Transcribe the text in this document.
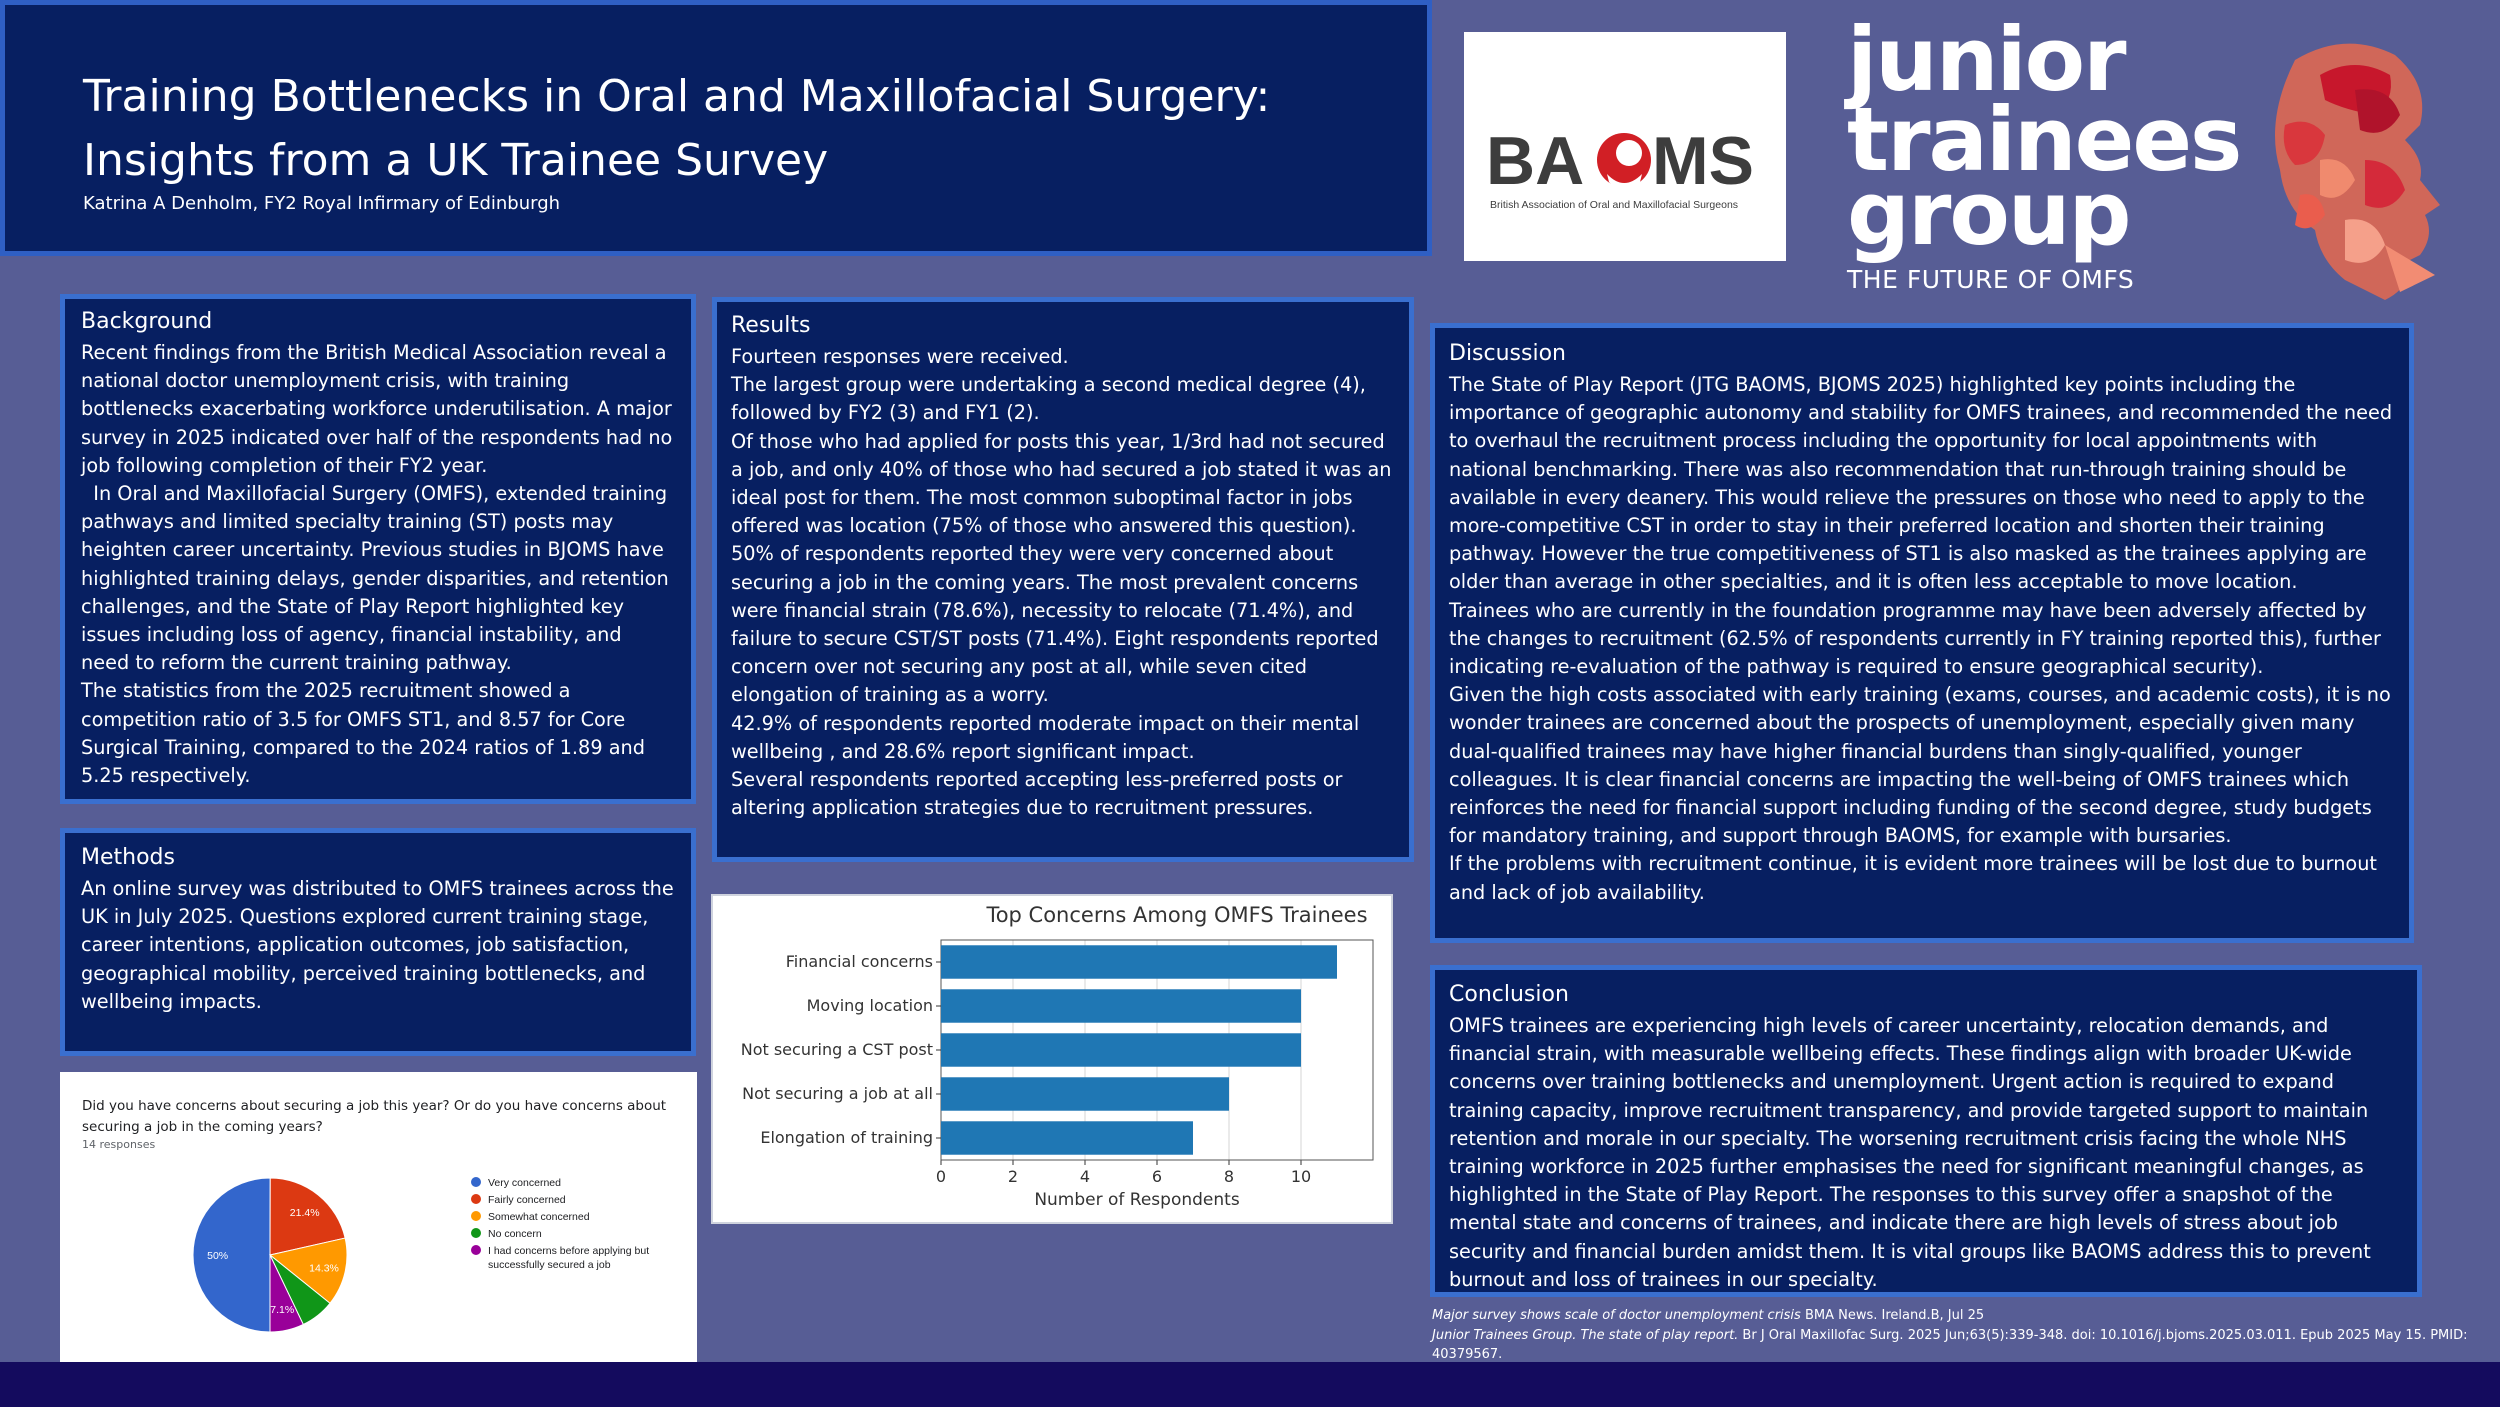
Training Bottlenecks in Oral and Maxillofacial Surgery:
Insights from a UK Trainee Survey
Katrina A Denholm, FY2 Royal Infirmary of Edinburgh
BA MS
British Association of Oral and Maxillofacial Surgeons
junior
trainees
group
THE FUTURE OF OMFS
Background

Recent findings from the British Medical Association reveal a national doctor unemployment crisis, with training bottlenecks exacerbating workforce underutilisation. A major survey in 2025 indicated over half of the respondents had no job following completion of their FY2 year.

In Oral and Maxillofacial Surgery (OMFS), extended training pathways and limited specialty training (ST) posts may heighten career uncertainty. Previous studies in BJOMS have highlighted training delays, gender disparities, and retention challenges, and the State of Play Report highlighted key issues including loss of agency, financial instability, and need to reform the current training pathway.

The statistics from the 2025 recruitment showed a competition ratio of 3.5 for OMFS ST1, and 8.57 for Core Surgical Training, compared to the 2024 ratios of 1.89 and 5.25 respectively.

Methods

An online survey was distributed to OMFS trainees across the UK in July 2025. Questions explored current training stage, career intentions, application outcomes, job satisfaction, geographical mobility, perceived training bottlenecks, and wellbeing impacts.

Did you have concerns about securing a job this year? Or do you have concerns about securing a job in the coming years?
14 responses
50%
21.4%
14.3%
7.1%
Very concerned
Fairly concerned
Somewhat concerned
No concern
I had concerns before applying but successfully secured a job
Results

Fourteen responses were received.

The largest group were undertaking a second medical degree (4), followed by FY2 (3) and FY1 (2).

Of those who had applied for posts this year, 1/3rd had not secured a job, and only 40% of those who had secured a job stated it was an ideal post for them. The most common suboptimal factor in jobs offered was location (75% of those who answered this question).

50% of respondents reported they were very concerned about securing a job in the coming years. The most prevalent concerns were financial strain (78.6%), necessity to relocate (71.4%), and failure to secure CST/ST posts (71.4%). Eight respondents reported concern over not securing any post at all, while seven cited elongation of training as a worry.

42.9% of respondents reported moderate impact on their mental wellbeing , and 28.6% report significant impact.

Several respondents reported accepting less-preferred posts or altering application strategies due to recruitment pressures.

Top Concerns Among OMFS Trainees
0	2	4	6	8	10
Financial concerns
Moving location
Not securing a CST post
Not securing a job at all
Elongation of training
Number of Respondents
Discussion

The State of Play Report (JTG BAOMS, BJOMS 2025) highlighted key points including the importance of geographic autonomy and stability for OMFS trainees, and recommended the need to overhaul the recruitment process including the opportunity for local appointments with national benchmarking. There was also recommendation that run-through training should be available in every deanery. This would relieve the pressures on those who need to apply to the more-competitive CST in order to stay in their preferred location and shorten their training pathway. However the true competitiveness of ST1 is also masked as the trainees applying are older than average in other specialties, and it is often less acceptable to move location.

Trainees who are currently in the foundation programme may have been adversely affected by the changes to recruitment (62.5% of respondents currently in FY training reported this), further indicating re-evaluation of the pathway is required to ensure geographical security).

Given the high costs associated with early training (exams, courses, and academic costs), it is no wonder trainees are concerned about the prospects of unemployment, especially given many dual-qualified trainees may have higher financial burdens than singly-qualified, younger colleagues. It is clear financial concerns are impacting the well-being of OMFS trainees which reinforces the need for financial support including funding of the second degree, study budgets for mandatory training, and support through BAOMS, for example with bursaries.

If the problems with recruitment continue, it is evident more trainees will be lost due to burnout and lack of job availability.

Conclusion

OMFS trainees are experiencing high levels of career uncertainty, relocation demands, and financial strain, with measurable wellbeing effects. These findings align with broader UK-wide concerns over training bottlenecks and unemployment. Urgent action is required to expand training capacity, improve recruitment transparency, and provide targeted support to maintain retention and morale in our specialty. The worsening recruitment crisis facing the whole NHS training workforce in 2025 further emphasises the need for significant meaningful changes, as highlighted in the State of Play Report. The responses to this survey offer a snapshot of the mental state and concerns of trainees, and indicate there are high levels of stress about job security and financial burden amidst them. It is vital groups like BAOMS address this to prevent burnout and loss of trainees in our specialty.

Major survey shows scale of doctor unemployment crisis BMA News. Ireland.B, Jul 25

Junior Trainees Group. The state of play report. Br J Oral Maxillofac Surg. 2025 Jun;63(5):339-348. doi: 10.1016/j.bjoms.2025.03.011. Epub 2025 May 15. PMID: 40379567.
